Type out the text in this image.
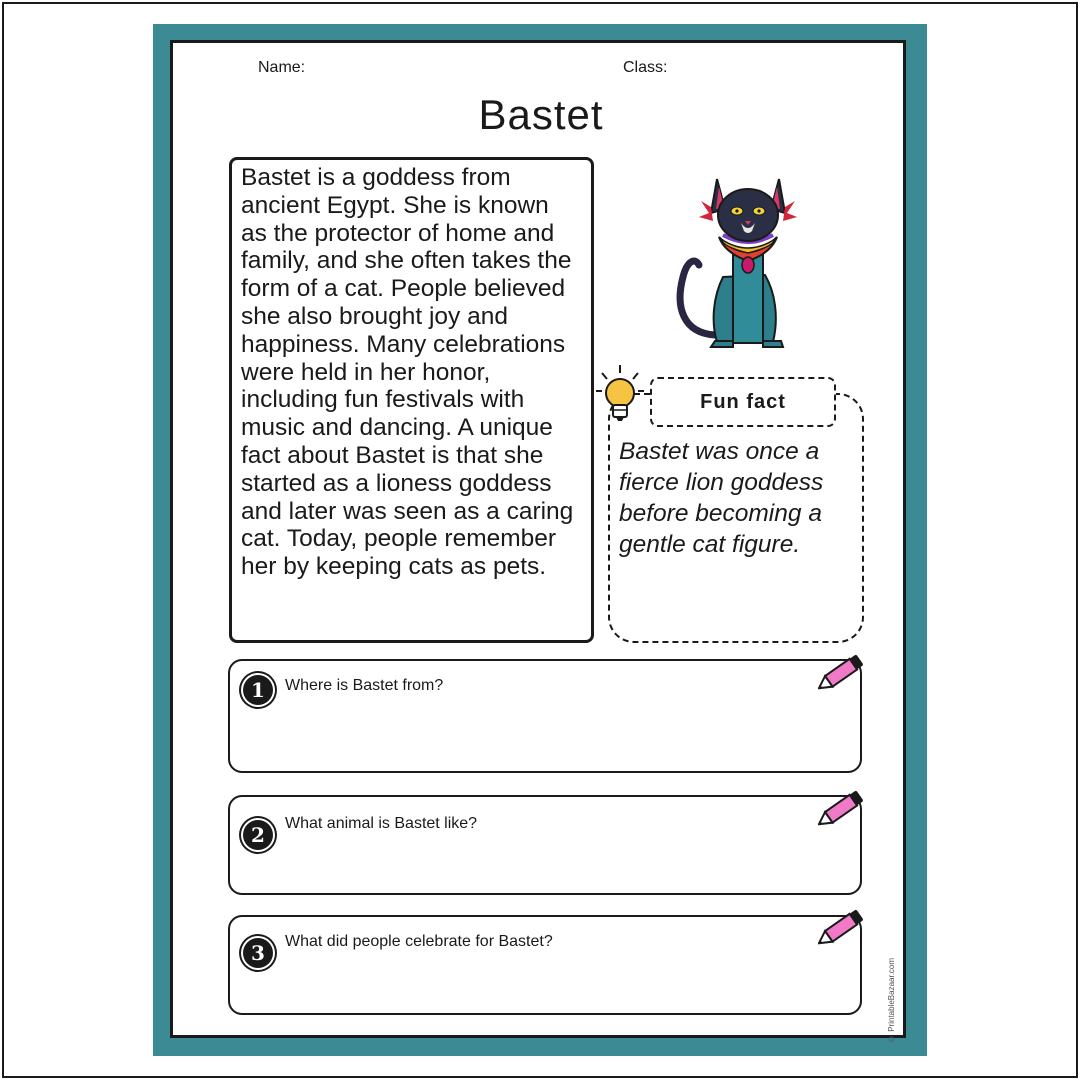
Name:	Class:
Bastet

Bastet is a goddess from ancient Egypt. She is known as the protector of home and family, and she often takes the form of a cat. People believed she also brought joy and happiness. Many celebrations were held in her honor, including fun festivals with music and dancing. A unique fact about Bastet is that she started as a lioness goddess and later was seen as a caring cat. Today, people remember her by keeping cats as pets.

Fun fact

Bastet was once a fierce lion goddess before becoming a gentle cat figure.

1	Where is Bastet from?
2	What animal is Bastet like?
3	What did people celebrate for Bastet?
© PrintableBazaar.com
